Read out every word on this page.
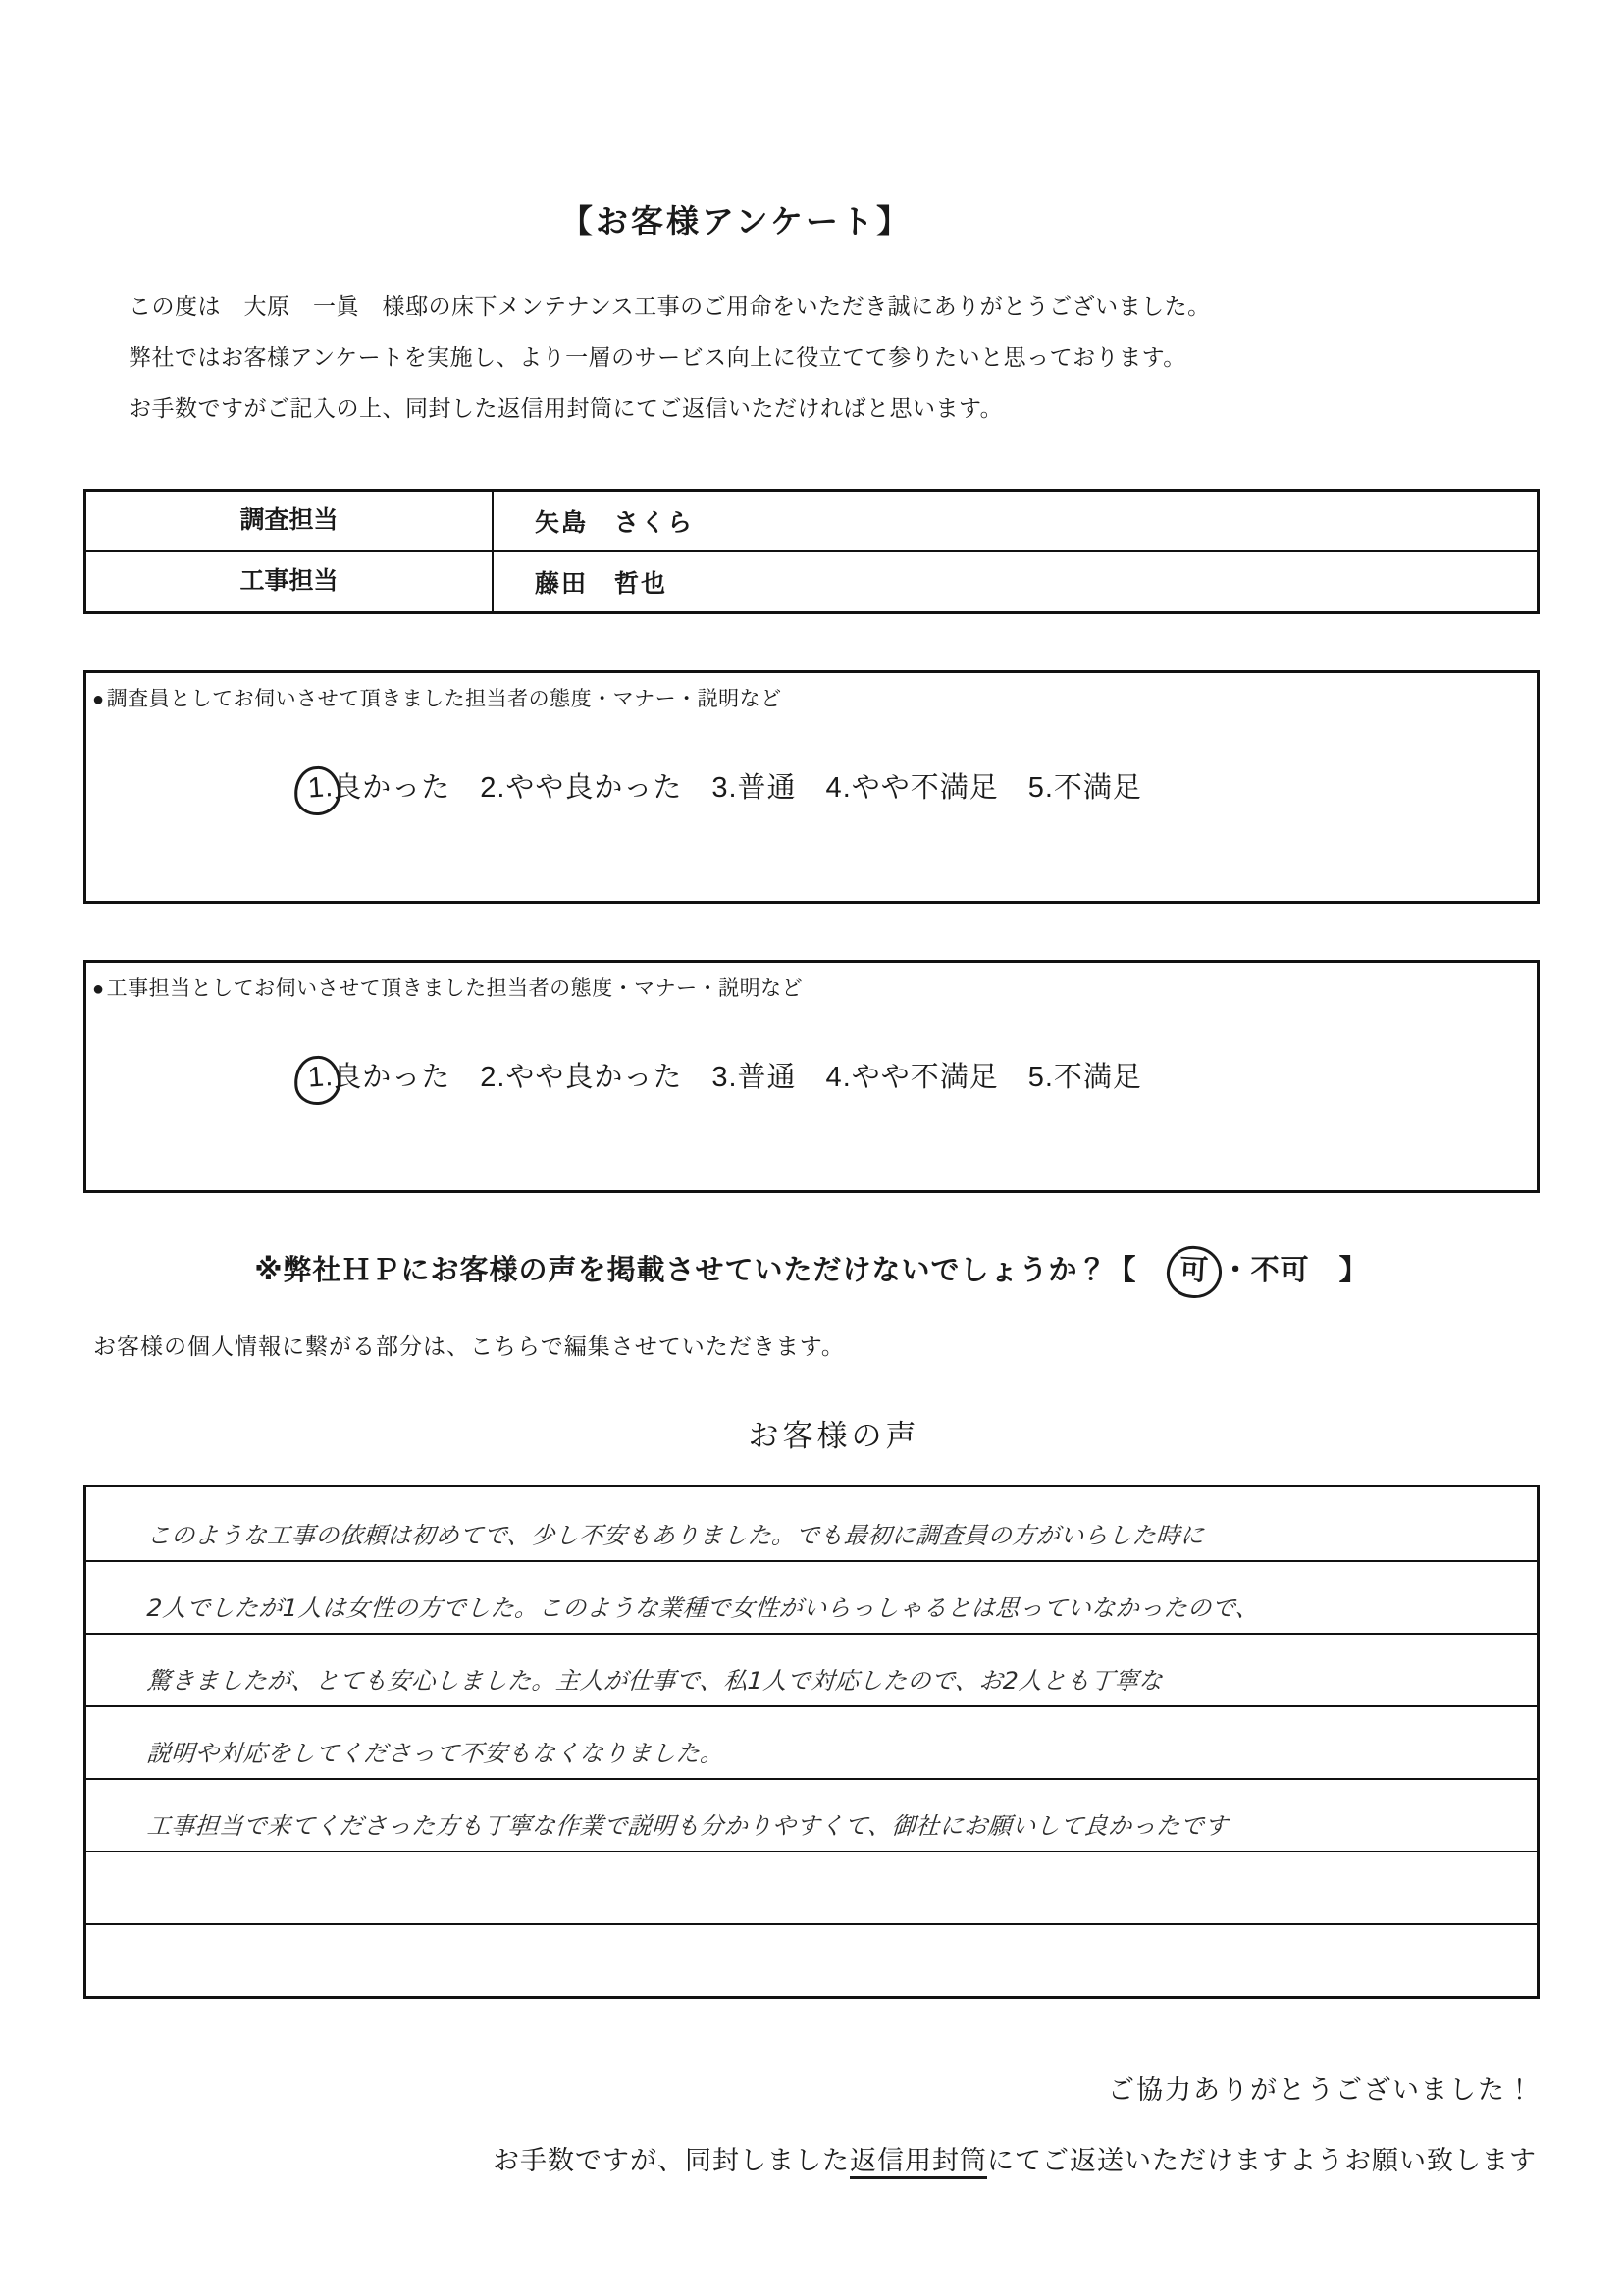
【お客様アンケート】
この度は　大原　一眞　様邸の床下メンテナンス工事のご用命をいただき誠にありがとうございました。
弊社ではお客様アンケートを実施し、より一層のサービス向上に役立てて参りたいと思っております。
お手数ですがご記入の上、同封した返信用封筒にてご返信いただければと思います。
調査担当	矢島　さくら
工事担当	藤田　哲也
●調査員としてお伺いさせて頂きました担当者の態度・マナー・説明など
1.良かった　2.やや良かった　3.普通　4.やや不満足　5.不満足
●工事担当としてお伺いさせて頂きました担当者の態度・マナー・説明など
1.良かった　2.やや良かった　3.普通　4.やや不満足　5.不満足
※弊社ＨＰにお客様の声を掲載させていただけないでしょうか？【　可 ・不可　】
お客様の個人情報に繋がる部分は、こちらで編集させていただきます。
お客様の声
このような工事の依頼は初めてで、少し不安もありました。でも最初に調査員の方がいらした時に
2人でしたが1人は女性の方でした。このような業種で女性がいらっしゃるとは思っていなかったので、
驚きましたが、とても安心しました。主人が仕事で、私1人で対応したので、お2人とも丁寧な
説明や対応をしてくださって不安もなくなりました。
工事担当で来てくださった方も丁寧な作業で説明も分かりやすくて、御社にお願いして良かったです
ご協力ありがとうございました！
お手数ですが、同封しました返信用封筒にてご返送いただけますようお願い致します
